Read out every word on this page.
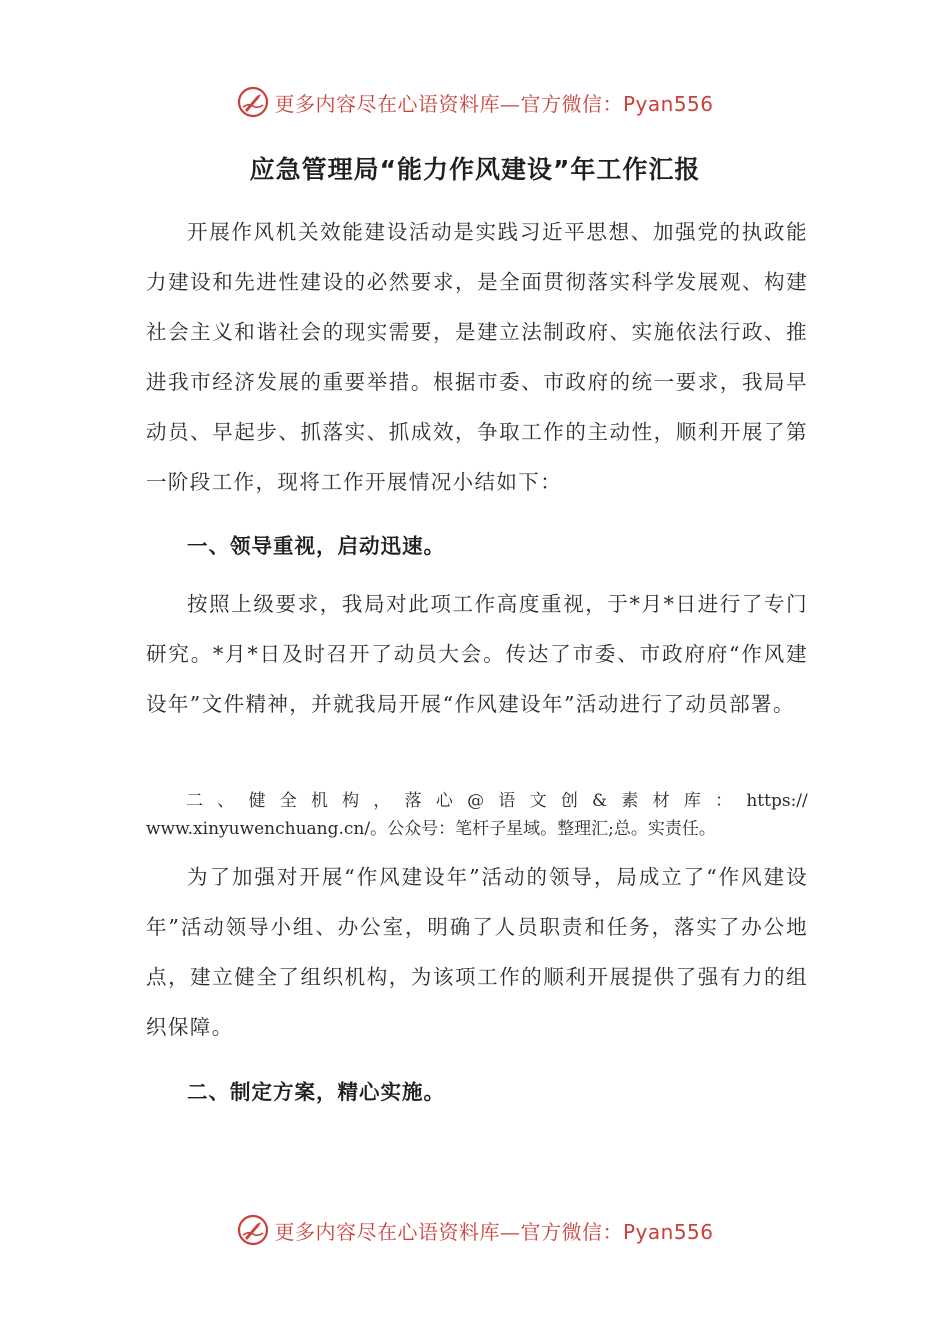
更多内容尽在心语资料库—官方微信：Pyan556
应急管理局“能力作风建设”年工作汇报

开展作风机关效能建设活动是实践习近平思想、加强党的执政能力建设和先进性建设的必然要求，是全面贯彻落实科学发展观、构建社会主义和谐社会的现实需要，是建立法制政府、实施依法行政、推进我市经济发展的重要举措。根据市委、市政府的统一要求，我局早动员、早起步、抓落实、抓成效，争取工作的主动性，顺利开展了第一阶段工作，现将工作开展情况小结如下：

一、领导重视，启动迅速。

按照上级要求，我局对此项工作高度重视，于*月*日进行了专门研究。*月*日及时召开了动员大会。传达了市委、市政府府“作风建设年”文件精神，并就我局开展“作风建设年”活动进行了动员部署。

二 、 健 全 机 构 ， 落 心 @ 语 文 创 & 素 材 库 ： https://
www.xinyuwenchuang.cn/。公众号：笔杆子星域。整理汇;总。实责任。

为了加强对开展“作风建设年”活动的领导，局成立了“作风建设年”活动领导小组、办公室，明确了人员职责和任务，落实了办公地点，建立健全了组织机构，为该项工作的顺利开展提供了强有力的组织保障。

二、制定方案，精心实施。
更多内容尽在心语资料库—官方微信：Pyan556
